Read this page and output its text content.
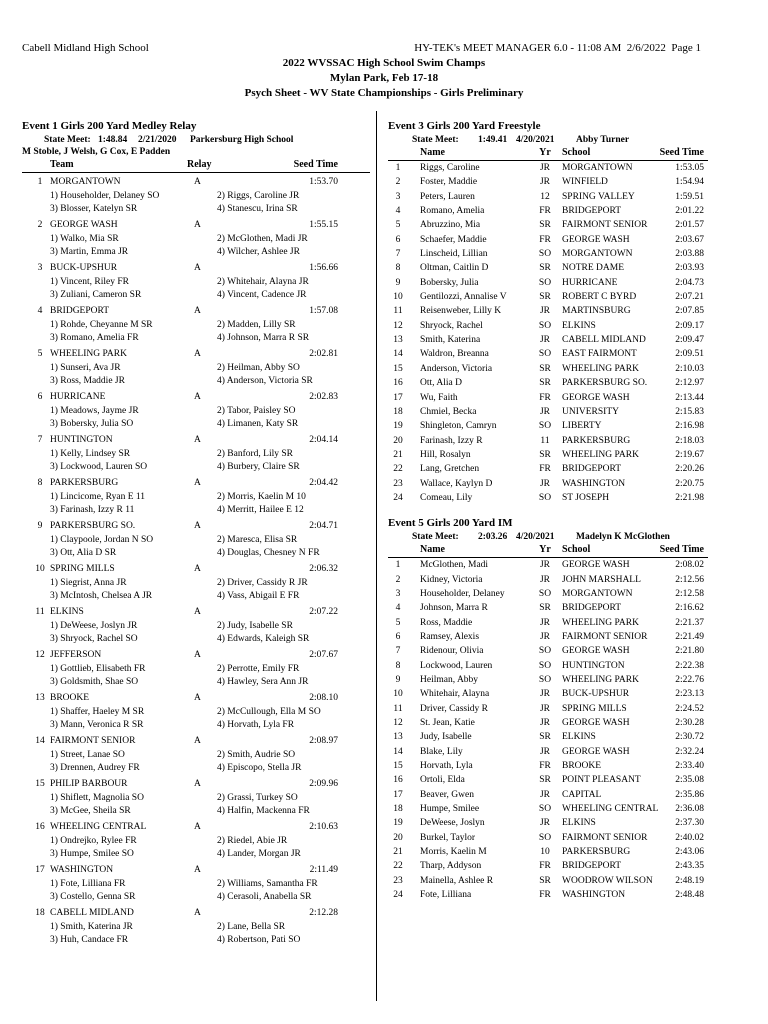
Cabell Midland High School	HY-TEK's MEET MANAGER 6.0 - 11:08 AM  2/6/2022  Page 1
2022 WVSSAC High School Swim Champs
Mylan Park, Feb 17-18
Psych Sheet - WV State Championships - Girls Preliminary
Event 1 Girls 200 Yard Medley Relay
State Meet: 1:48.84 2/21/2020 Parkersburg High School
M Stoble, J Welsh, G Cox, E Padden
Team	Relay	Seed Time
1 MORGANTOWN	A	1:53.70
1) Householder, Delaney SO	2) Riggs, Caroline JR
3) Blosser, Katelyn SR	4) Stanescu, Irina SR
2 GEORGE WASH	A	1:55.15
1) Walko, Mia SR	2) McGlothen, Madi JR
3) Martin, Emma JR	4) Wilcher, Ashlee JR
3 BUCK-UPSHUR	A	1:56.66
1) Vincent, Riley FR	2) Whitehair, Alayna JR
3) Zuliani, Cameron SR	4) Vincent, Cadence JR
4 BRIDGEPORT	A	1:57.08
1) Rohde, Cheyanne M SR	2) Madden, Lilly SR
3) Romano, Amelia FR	4) Johnson, Marra R SR
5 WHEELING PARK	A	2:02.81
1) Sunseri, Ava JR	2) Heilman, Abby SO
3) Ross, Maddie JR	4) Anderson, Victoria SR
6 HURRICANE	A	2:02.83
1) Meadows, Jayme JR	2) Tabor, Paisley SO
3) Bobersky, Julia SO	4) Limanen, Katy SR
7 HUNTINGTON	A	2:04.14
1) Kelly, Lindsey SR	2) Banford, Lily SR
3) Lockwood, Lauren SO	4) Burbery, Claire SR
8 PARKERSBURG	A	2:04.42
1) Lincicome, Ryan E 11	2) Morris, Kaelin M 10
3) Farinash, Izzy R 11	4) Merritt, Hailee E 12
9 PARKERSBURG SO.	A	2:04.71
1) Claypoole, Jordan N SO	2) Maresca, Elisa SR
3) Ott, Alia D SR	4) Douglas, Chesney N FR
10 SPRING MILLS	A	2:06.32
1) Siegrist, Anna JR	2) Driver, Cassidy R JR
3) McIntosh, Chelsea A JR	4) Vass, Abigail E FR
11 ELKINS	A	2:07.22
1) DeWeese, Joslyn JR	2) Judy, Isabelle SR
3) Shryock, Rachel SO	4) Edwards, Kaleigh SR
12 JEFFERSON	A	2:07.67
1) Gottlieb, Elisabeth FR	2) Perrotte, Emily FR
3) Goldsmith, Shae SO	4) Hawley, Sera Ann JR
13 BROOKE	A	2:08.10
1) Shaffer, Haeley M SR	2) McCullough, Ella M SO
3) Mann, Veronica R SR	4) Horvath, Lyla FR
14 FAIRMONT SENIOR	A	2:08.97
1) Street, Lanae SO	2) Smith, Audrie SO
3) Drennen, Audrey FR	4) Episcopo, Stella JR
15 PHILIP BARBOUR	A	2:09.96
1) Shiflett, Magnolia SO	2) Grassi, Turkey SO
3) McGee, Sheila SR	4) Halfin, Mackenna FR
16 WHEELING CENTRAL	A	2:10.63
1) Ondrejko, Rylee FR	2) Riedel, Abie JR
3) Humpe, Smilee SO	4) Lander, Morgan JR
17 WASHINGTON	A	2:11.49
1) Fote, Lilliana FR	2) Williams, Samantha FR
3) Costello, Genna SR	4) Cerasoli, Anabella SR
18 CABELL MIDLAND	A	2:12.28
1) Smith, Katerina JR	2) Lane, Bella SR
3) Huh, Candace FR	4) Robertson, Pati SO
Event 3 Girls 200 Yard Freestyle
State Meet: 1:49.41 4/20/2021 Abby Turner
Name	Yr	School	Seed Time
1	Riggs, Caroline	JR	MORGANTOWN	1:53.05
2	Foster, Maddie	JR	WINFIELD	1:54.94
3	Peters, Lauren	12	SPRING VALLEY	1:59.51
4	Romano, Amelia	FR	BRIDGEPORT	2:01.22
5	Abruzzino, Mia	SR	FAIRMONT SENIOR	2:01.57
6	Schaefer, Maddie	FR	GEORGE WASH	2:03.67
7	Linscheid, Lillian	SO	MORGANTOWN	2:03.88
8	Oltman, Caitlin D	SR	NOTRE DAME	2:03.93
9	Bobersky, Julia	SO	HURRICANE	2:04.73
10	Gentilozzi, Annalise V	SR	ROBERT C BYRD	2:07.21
11	Reisenweber, Lilly K	JR	MARTINSBURG	2:07.85
12	Shryock, Rachel	SO	ELKINS	2:09.17
13	Smith, Katerina	JR	CABELL MIDLAND	2:09.47
14	Waldron, Breanna	SO	EAST FAIRMONT	2:09.51
15	Anderson, Victoria	SR	WHEELING PARK	2:10.03
16	Ott, Alia D	SR	PARKERSBURG SO.	2:12.97
17	Wu, Faith	FR	GEORGE WASH	2:13.44
18	Chmiel, Becka	JR	UNIVERSITY	2:15.83
19	Shingleton, Camryn	SO	LIBERTY	2:16.98
20	Farinash, Izzy R	11	PARKERSBURG	2:18.03
21	Hill, Rosalyn	SR	WHEELING PARK	2:19.67
22	Lang, Gretchen	FR	BRIDGEPORT	2:20.26
23	Wallace, Kaylyn D	JR	WASHINGTON	2:20.75
24	Comeau, Lily	SO	ST JOSEPH	2:21.98
Event 5 Girls 200 Yard IM
State Meet: 2:03.26 4/20/2021 Madelyn K McGlothen
Name	Yr	School	Seed Time
1	McGlothen, Madi	JR	GEORGE WASH	2:08.02
2	Kidney, Victoria	JR	JOHN MARSHALL	2:12.56
3	Householder, Delaney	SO	MORGANTOWN	2:12.58
4	Johnson, Marra R	SR	BRIDGEPORT	2:16.62
5	Ross, Maddie	JR	WHEELING PARK	2:21.37
6	Ramsey, Alexis	JR	FAIRMONT SENIOR	2:21.49
7	Ridenour, Olivia	SO	GEORGE WASH	2:21.80
8	Lockwood, Lauren	SO	HUNTINGTON	2:22.38
9	Heilman, Abby	SO	WHEELING PARK	2:22.76
10	Whitehair, Alayna	JR	BUCK-UPSHUR	2:23.13
11	Driver, Cassidy R	JR	SPRING MILLS	2:24.52
12	St. Jean, Katie	JR	GEORGE WASH	2:30.28
13	Judy, Isabelle	SR	ELKINS	2:30.72
14	Blake, Lily	JR	GEORGE WASH	2:32.24
15	Horvath, Lyla	FR	BROOKE	2:33.40
16	Ortoli, Elda	SR	POINT PLEASANT	2:35.08
17	Beaver, Gwen	JR	CAPITAL	2:35.86
18	Humpe, Smilee	SO	WHEELING CENTRAL	2:36.08
19	DeWeese, Joslyn	JR	ELKINS	2:37.30
20	Burkel, Taylor	SO	FAIRMONT SENIOR	2:40.02
21	Morris, Kaelin M	10	PARKERSBURG	2:43.06
22	Tharp, Addyson	FR	BRIDGEPORT	2:43.35
23	Mainella, Ashlee R	SR	WOODROW WILSON	2:48.19
24	Fote, Lilliana	FR	WASHINGTON	2:48.48
